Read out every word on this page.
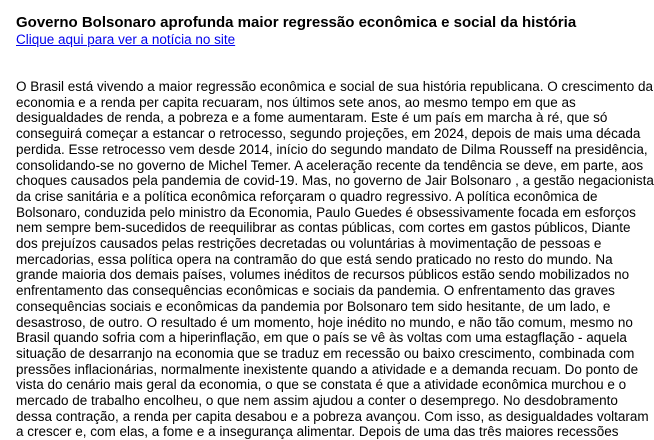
Governo Bolsonaro aprofunda maior regressão econômica e social da história
Clique aqui para ver a notícia no site
O Brasil está vivendo a maior regressão econômica e social de sua história republicana. O crescimento da
economia e a renda per capita recuaram, nos últimos sete anos, ao mesmo tempo em que as
desigualdades de renda, a pobreza e a fome aumentaram. Este é um país em marcha à ré, que só
conseguirá começar a estancar o retrocesso, segundo projeções, em 2024, depois de mais uma década
perdida. Esse retrocesso vem desde 2014, início do segundo mandato de Dilma Rousseff na presidência,
consolidando-se no governo de Michel Temer. A aceleração recente da tendência se deve, em parte, aos
choques causados pela pandemia de covid-19. Mas, no governo de Jair Bolsonaro , a gestão negacionista
da crise sanitária e a política econômica reforçaram o quadro regressivo. A política econômica de
Bolsonaro, conduzida pelo ministro da Economia, Paulo Guedes é obsessivamente focada em esforços
nem sempre bem-sucedidos de reequilibrar as contas públicas, com cortes em gastos públicos, Diante
dos prejuízos causados pelas restrições decretadas ou voluntárias à movimentação de pessoas e
mercadorias, essa política opera na contramão do que está sendo praticado no resto do mundo. Na
grande maioria dos demais países, volumes inéditos de recursos públicos estão sendo mobilizados no
enfrentamento das consequências econômicas e sociais da pandemia. O enfrentamento das graves
consequências sociais e econômicas da pandemia por Bolsonaro tem sido hesitante, de um lado, e
desastroso, de outro. O resultado é um momento, hoje inédito no mundo, e não tão comum, mesmo no
Brasil quando sofria com a hiperinflação, em que o país se vê às voltas com uma estagflação - aquela
situação de desarranjo na economia que se traduz em recessão ou baixo crescimento, combinada com
pressões inflacionárias, normalmente inexistente quando a atividade e a demanda recuam. Do ponto de
vista do cenário mais geral da economia, o que se constata é que a atividade econômica murchou e o
mercado de trabalho encolheu, o que nem assim ajudou a conter o desemprego. No desdobramento
dessa contração, a renda per capita desabou e a pobreza avançou. Com isso, as desigualdades voltaram
a crescer e, com elas, a fome e a insegurança alimentar. Depois de uma das três maiores recessões
